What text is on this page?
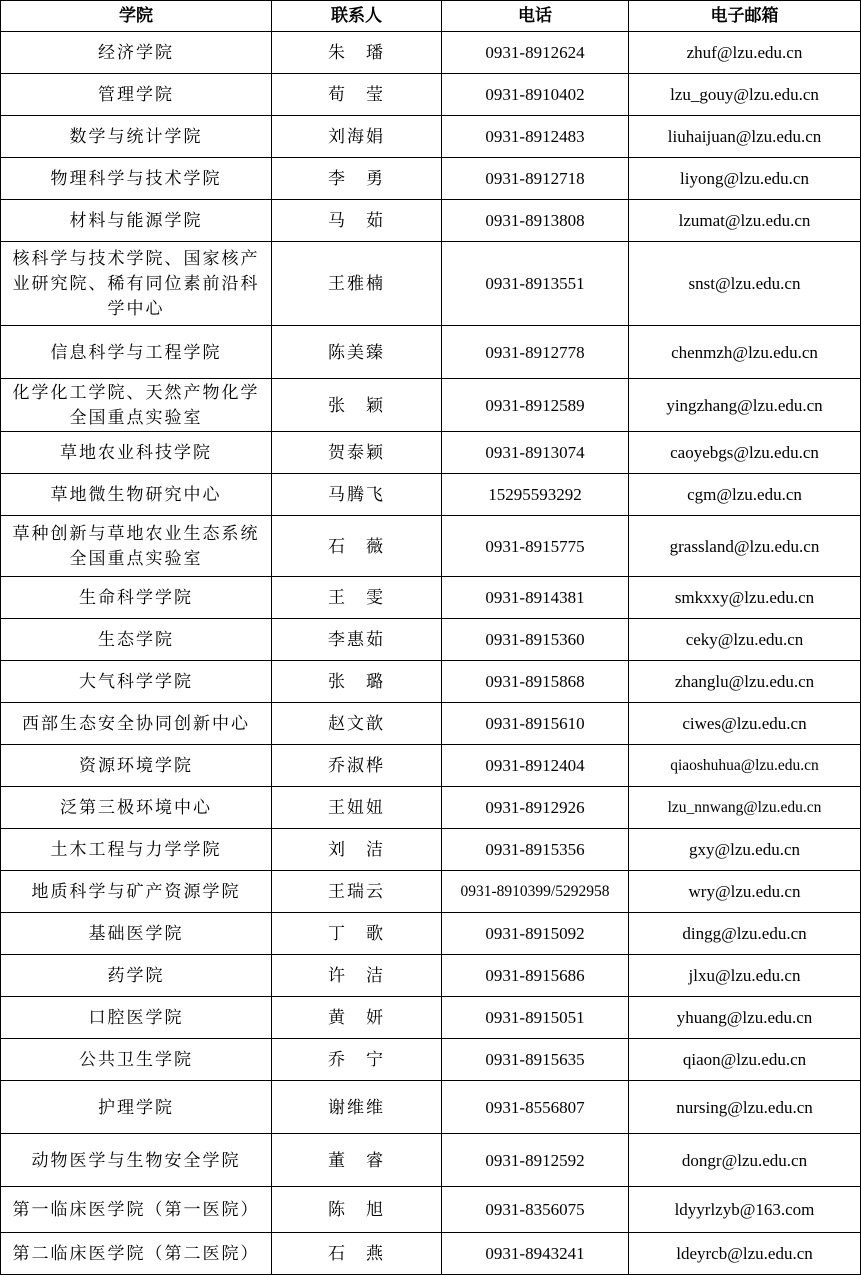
学院	联系人	电话	电子邮箱
经济学院	朱　璠	0931-8912624	zhuf@lzu.edu.cn
管理学院	荀　莹	0931-8910402	lzu_gouy@lzu.edu.cn
数学与统计学院	刘海娟	0931-8912483	liuhaijuan@lzu.edu.cn
物理科学与技术学院	李　勇	0931-8912718	liyong@lzu.edu.cn
材料与能源学院	马　茹	0931-8913808	lzumat@lzu.edu.cn
核科学与技术学院、国家核产业研究院、稀有同位素前沿科学中心	王雅楠	0931-8913551	snst@lzu.edu.cn
信息科学与工程学院	陈美臻	0931-8912778	chenmzh@lzu.edu.cn
化学化工学院、天然产物化学全国重点实验室	张　颖	0931-8912589	yingzhang@lzu.edu.cn
草地农业科技学院	贺泰颖	0931-8913074	caoyebgs@lzu.edu.cn
草地微生物研究中心	马腾飞	15295593292	cgm@lzu.edu.cn
草种创新与草地农业生态系统全国重点实验室	石　薇	0931-8915775	grassland@lzu.edu.cn
生命科学学院	王　雯	0931-8914381	smkxxy@lzu.edu.cn
生态学院	李惠茹	0931-8915360	ceky@lzu.edu.cn
大气科学学院	张　璐	0931-8915868	zhanglu@lzu.edu.cn
西部生态安全协同创新中心	赵文歆	0931-8915610	ciwes@lzu.edu.cn
资源环境学院	乔淑桦	0931-8912404	qiaoshuhua@lzu.edu.cn
泛第三极环境中心	王妞妞	0931-8912926	lzu_nnwang@lzu.edu.cn
土木工程与力学学院	刘　洁	0931-8915356	gxy@lzu.edu.cn
地质科学与矿产资源学院	王瑞云	0931-8910399/5292958	wry@lzu.edu.cn
基础医学院	丁　歌	0931-8915092	dingg@lzu.edu.cn
药学院	许　洁	0931-8915686	jlxu@lzu.edu.cn
口腔医学院	黄　妍	0931-8915051	yhuang@lzu.edu.cn
公共卫生学院	乔　宁	0931-8915635	qiaon@lzu.edu.cn
护理学院	谢维维	0931-8556807	nursing@lzu.edu.cn
动物医学与生物安全学院	董　睿	0931-8912592	dongr@lzu.edu.cn
第一临床医学院（第一医院）	陈　旭	0931-8356075	ldyyrlzyb@163.com
第二临床医学院（第二医院）	石　燕	0931-8943241	ldeyrcb@lzu.edu.cn
